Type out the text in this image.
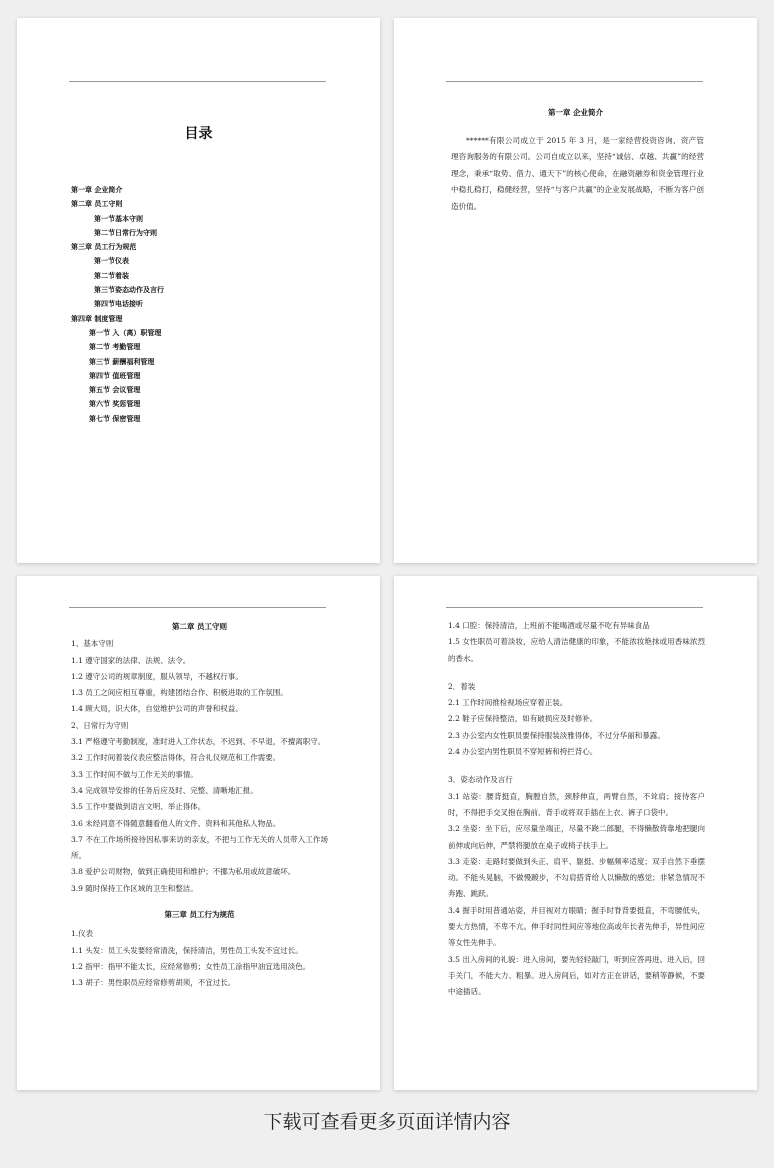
目录
第一章 企业简介
第二章 员工守则
第一节基本守则
第二节日常行为守则
第三章 员工行为规范
第一节仪表
第二节着装
第三节姿态动作及言行
第四节电话接听
第四章 制度管理
第一节 入（离）职管理
第二节 考勤管理
第三节 薪酬福利管理
第四节 值班管理
第五节 会议管理
第六节 奖惩管理
第七节 保密管理
第一章 企业简介
******有限公司成立于 2015 年 3 月，是一家经营投资咨询、资产管理咨询服务的有限公司。公司自成立以来，坚持“诚信、卓越、共赢”的经营理念，秉承“取势、借力、通天下”的核心使命，在融资融券和资金管理行业中稳扎稳打，稳健经营，坚持“与客户共赢”的企业发展战略，不断为客户创造价值。
第二章 员工守则
1、基本守则
1.1 遵守国家的法律、法规、法令。
1.2 遵守公司的规章制度，服从领导，不越权行事。
1.3 员工之间应相互尊重，构建团结合作、积极进取的工作氛围。
1.4 顾大局，识大体，自觉维护公司的声誉和权益。
2、日常行为守则
3.1 严格遵守考勤制度，准时进入工作状态，不迟到、不早退，不擅离职守。
3.2 工作时间着装仪表应整洁得体，符合礼仪规范和工作需要。
3.3 工作时间不做与工作无关的事情。
3.4 完成领导安排的任务后应及时、完整、清晰地汇报。
3.5 工作中要做到语言文明、举止得体。
3.6 未经同意不得随意翻看他人的文件、资料和其他私人物品。
3.7 不在工作场所接待因私事来访的亲友，不把与工作无关的人员带入工作场所。
3.8 爱护公司财物，做到正确使用和维护；不挪为私用或故意破坏。
3.9 随时保持工作区域的卫生和整洁。
第三章 员工行为规范
1.仪表
1.1 头发：员工头发要经常清洗，保持清洁，男性员工头发不宜过长。
1.2 指甲：指甲不能太长，应经常修剪；女性员工涂指甲油宜选用淡色。
1.3 胡子：男性职员应经常修剪胡须，不宜过长。
1.4 口腔：保持清洁，上班前不能喝酒或尽量不吃有异味食品
1.5 女性职员可着淡妆，应给人清洁健康的印象，不能浓妆艳抹或用香味浓烈的香水。
2．着装
2.1 工作时间推检视场应穿着正装。
2.2 鞋子应保持整洁，如有破损应及时修补。
2.3 办公室内女性职员要保持服装淡雅得体，不过分华丽和暴露。
2.4 办公室内男性职员不穿短裤和挎拦背心。
3．姿态动作及言行
3.1 站姿：腰背挺直，胸膛自然，颈脖伸直，两臂自然，不耸肩；接待客户时，不得把手交叉抱在胸前、背手或将双手插在上衣、裤子口袋中。
3.2 坐姿：坐下后，应尽量坐端正，尽量不跷二郎腿，不得懒散倚靠地把腿向前伸或向后伸，严禁将腿放在桌子或椅子扶手上。
3.3 走姿：走路时要做到头正、肩平、躯挺、步幅频率适度；双手自然下垂摆动。不能头晃脑，不做慢踱步，不勾肩搭背给人以懒散的感觉；非紧急情况不奔跑、跳跃。
3.4 握手时用普通站姿，并目视对方眼睛；握手时脊背要挺直，不弯腰低头，要大方热情，不卑不亢。伸手时同性间应等地位高或年长者先伸手，异性间应等女性先伸手。
3.5 出入房间的礼貌：进入房间，要先轻轻敲门，听到应答再进。进入后，回手关门，不能大力、粗暴。进入房间后，如对方正在讲话，要稍等静候，不要中途插话。
下载可查看更多页面详情内容
